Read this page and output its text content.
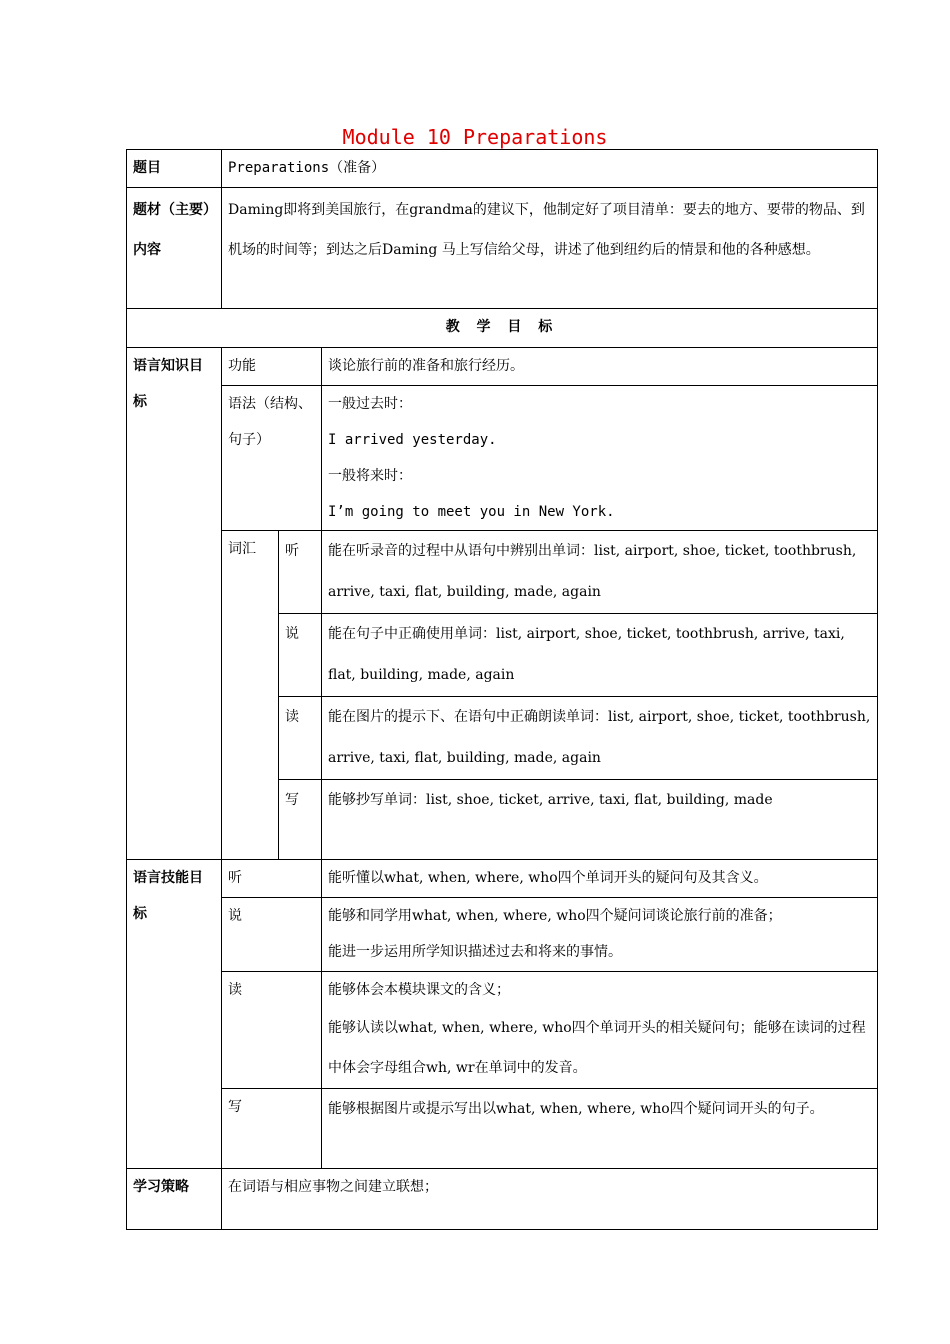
Module 10 Preparations
题目	Preparations（准备）		
题材（主要）内容	Daming即将到美国旅行，在grandma的建议下，他制定好了项目清单：要去的地方、要带的物品、到机场的时间等；到达之后Daming 马上写信给父母，讲述了他到纽约后的情景和他的各种感想。		
教 学 目 标			
语言知识目标	功能		谈论旅行前的准备和旅行经历。
	语法（结构、句子）		一般过去时：
I arrived yesterday.
一般将来时：
I’m going to meet you in New York.

	词汇	听	能在听录音的过程中从语句中辨别出单词：list, airport, shoe, ticket, toothbrush, arrive, taxi, flat, building, made, again
		说	能在句子中正确使用单词：list, airport, shoe, ticket, toothbrush, arrive, taxi, flat, building, made, again
		读	能在图片的提示下、在语句中正确朗读单词：list, airport, shoe, ticket, toothbrush, arrive, taxi, flat, building, made, again
		写	能够抄写单词：list, shoe, ticket, arrive, taxi, flat, building, made
语言技能目标	听		能听懂以what, when, where, who四个单词开头的疑问句及其含义。
	说		能够和同学用what, when, where, who四个疑问词谈论旅行前的准备；
能进一步运用所学知识描述过去和将来的事情。

	读		能够体会本模块课文的含义；
能够认读以what, when, where, who四个单词开头的相关疑问句；能够在读词的过程中体会字母组合wh, wr在单词中的发音。

	写		能够根据图片或提示写出以what, when, where, who四个疑问词开头的句子。
学习策略	在词语与相应事物之间建立联想；		
